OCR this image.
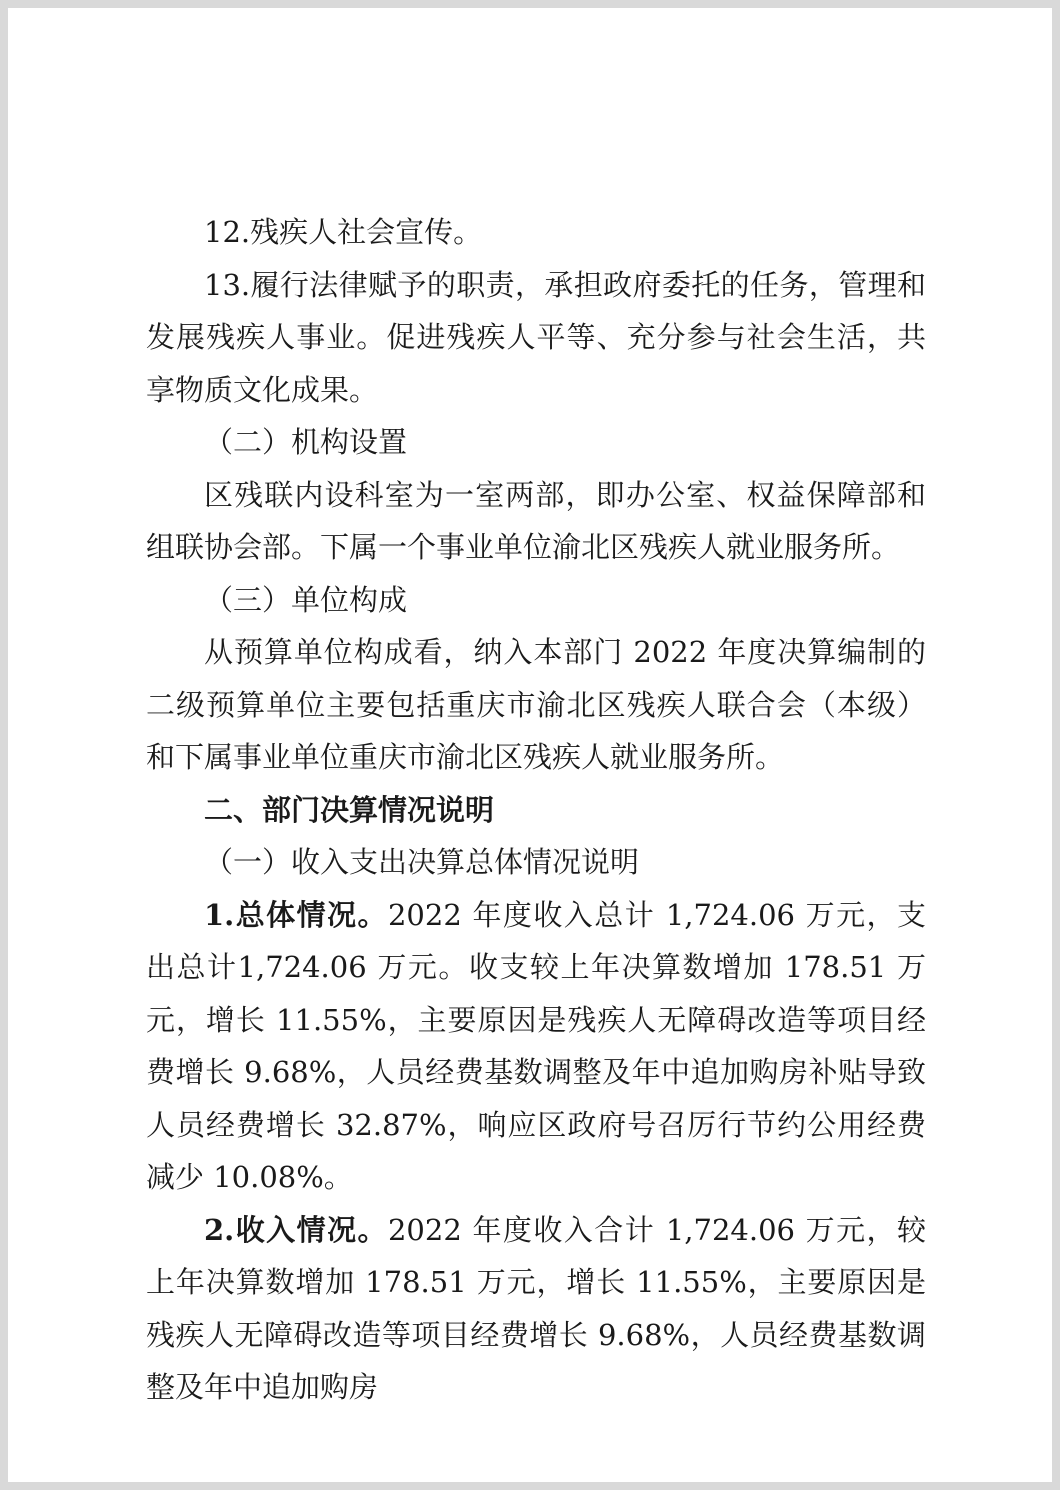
12.残疾人社会宣传。

13.履行法律赋予的职责，承担政府委托的任务，管理和发展残疾人事业。促进残疾人平等、充分参与社会生活，共享物质文化成果。

（二）机构设置

区残联内设科室为一室两部，即办公室、权益保障部和组联协会部。下属一个事业单位渝北区残疾人就业服务所。

（三）单位构成

从预算单位构成看，纳入本部门 2022 年度决算编制的二级预算单位主要包括重庆市渝北区残疾人联合会（本级）和下属事业单位重庆市渝北区残疾人就业服务所。

二、部门决算情况说明

（一）收入支出决算总体情况说明

1.总体情况。2022 年度收入总计 1,724.06 万元，支出总计1,724.06 万元。收支较上年决算数增加 178.51 万元，增长 11.55%，主要原因是残疾人无障碍改造等项目经费增长 9.68%，人员经费基数调整及年中追加购房补贴导致人员经费增长 32.87%，响应区政府号召厉行节约公用经费减少 10.08%。

2.收入情况。2022 年度收入合计 1,724.06 万元，较上年决算数增加 178.51 万元，增长 11.55%，主要原因是残疾人无障碍改造等项目经费增长 9.68%，人员经费基数调整及年中追加购房
